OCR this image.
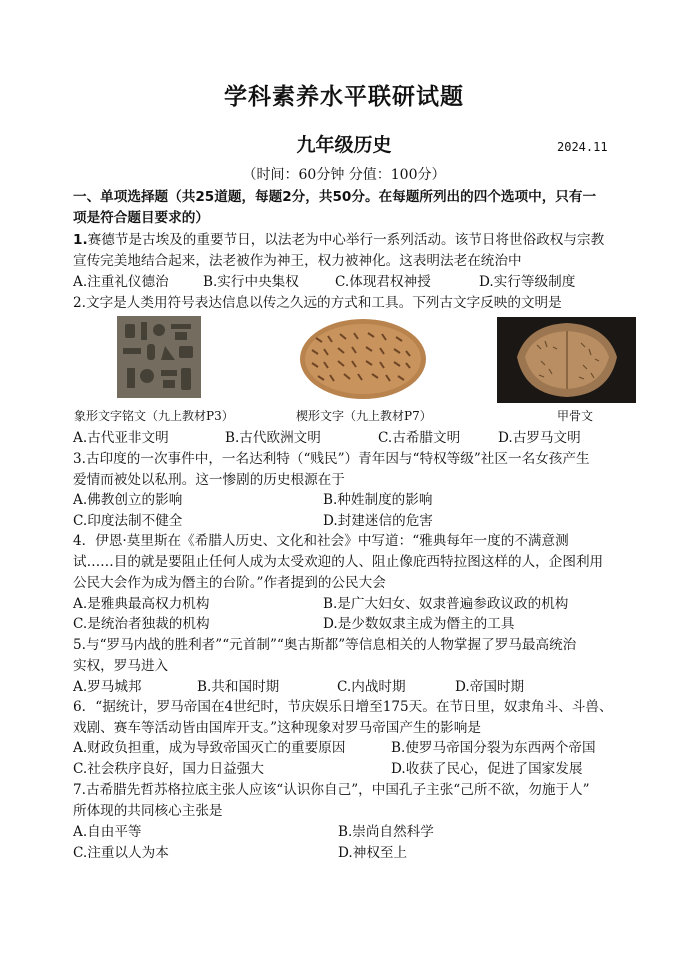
学科素养水平联研试题
九年级历史	2024.11
（时间：60分钟 分值：100分）
一、单项选择题（共25道题，每题2分，共50分。在每题所列出的四个选项中，只有一
项是符合题目要求的）
1.赛德节是古埃及的重要节日，以法老为中心举行一系列活动。该节日将世俗政权与宗教
宣传完美地结合起来，法老被作为神王，权力被神化。这表明法老在统治中
A.注重礼仪德治	B.实行中央集权	C.体现君权神授	D.实行等级制度
2.文字是人类用符号表达信息以传之久远的方式和工具。下列古文字反映的文明是
象形文字铭文（九上教材P3）	楔形文字（九上教材P7）	甲骨文
A.古代亚非文明	B.古代欧洲文明	C.古希腊文明	D.古罗马文明
3.古印度的一次事件中，一名达利特（“贱民”）青年因与“特权等级”社区一名女孩产生
爱情而被处以私刑。这一惨剧的历史根源在于
A.佛教创立的影响	B.种姓制度的影响
C.印度法制不健全	D.封建迷信的危害
4．伊恩·莫里斯在《希腊人历史、文化和社会》中写道：“雅典每年一度的不满意测
试……目的就是要阻止任何人成为太受欢迎的人、阻止像庇西特拉图这样的人，企图利用
公民大会作为成为僭主的台阶。”作者提到的公民大会
A.是雅典最高权力机构	B.是广大妇女、奴隶普遍参政议政的机构
C.是统治者独裁的机构	D.是少数奴隶主成为僭主的工具
5.与“罗马内战的胜利者”“元首制”“奥古斯都”等信息相关的人物掌握了罗马最高统治
实权，罗马进入
A.罗马城邦	B.共和国时期	C.内战时期	D.帝国时期
6．“据统计，罗马帝国在4世纪时，节庆娱乐日增至175天。在节日里，奴隶角斗、斗兽、
戏剧、赛车等活动皆由国库开支。”这种现象对罗马帝国产生的影响是
A.财政负担重，成为导致帝国灭亡的重要原因	B.使罗马帝国分裂为东西两个帝国
C.社会秩序良好，国力日益强大	D.收获了民心，促进了国家发展
7.古希腊先哲苏格拉底主张人应该“认识你自己”，中国孔子主张“己所不欲，勿施于人”
所体现的共同核心主张是
A.自由平等	B.崇尚自然科学
C.注重以人为本	D.神权至上
